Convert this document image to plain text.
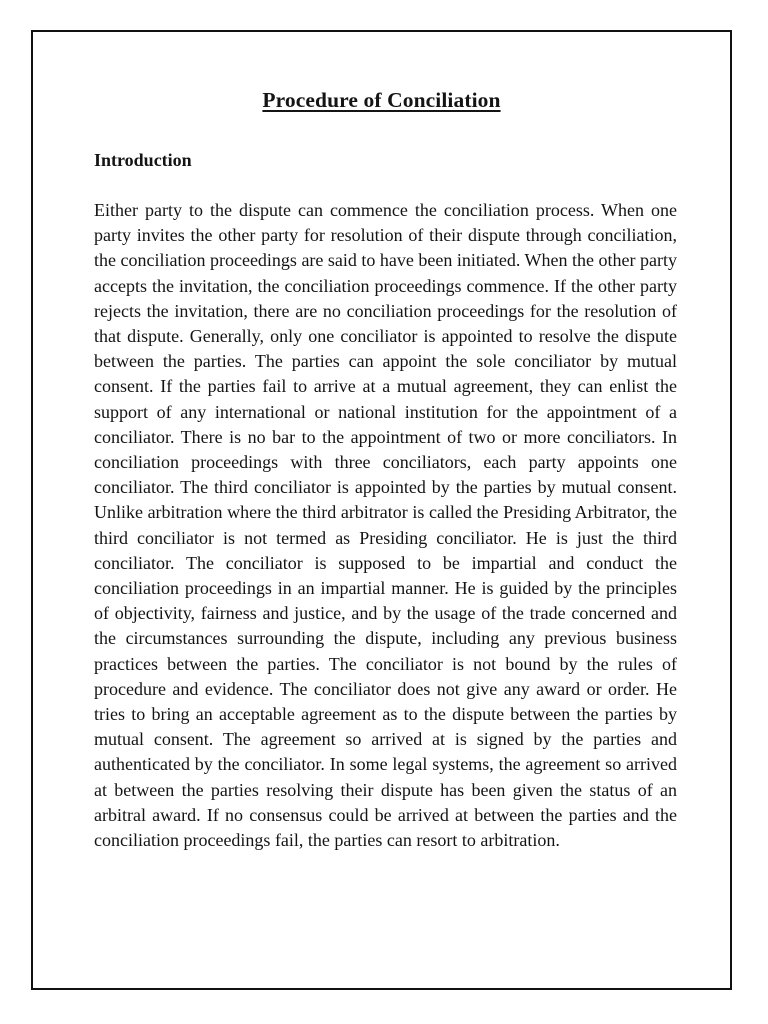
Procedure of Conciliation
Introduction

Either party to the dispute can commence the conciliation process. When one party invites the other party for resolution of their dispute through conciliation, the conciliation proceedings are said to have been initiated. When the other party accepts the invitation, the conciliation proceedings commence. If the other party rejects the invitation, there are no conciliation proceedings for the resolution of that dispute. Generally, only one conciliator is appointed to resolve the dispute between the parties. The parties can appoint the sole conciliator by mutual consent. If the parties fail to arrive at a mutual agreement, they can enlist the support of any international or national institution for the appointment of a conciliator. There is no bar to the appointment of two or more conciliators. In conciliation proceedings with three conciliators, each party appoints one conciliator. The third conciliator is appointed by the parties by mutual consent. Unlike arbitration where the third arbitrator is called the Presiding Arbitrator, the third conciliator is not termed as Presiding conciliator. He is just the third conciliator. The conciliator is supposed to be impartial and conduct the conciliation proceedings in an impartial manner. He is guided by the principles of objectivity, fairness and justice, and by the usage of the trade concerned and the circumstances surrounding the dispute, including any previous business practices between the parties. The conciliator is not bound by the rules of procedure and evidence. The conciliator does not give any award or order. He tries to bring an acceptable agreement as to the dispute between the parties by mutual consent. The agreement so arrived at is signed by the parties and authenticated by the conciliator. In some legal systems, the agreement so arrived at between the parties resolving their dispute has been given the status of an arbitral award. If no consensus could be arrived at between the parties and the conciliation proceedings fail, the parties can resort to arbitration.
